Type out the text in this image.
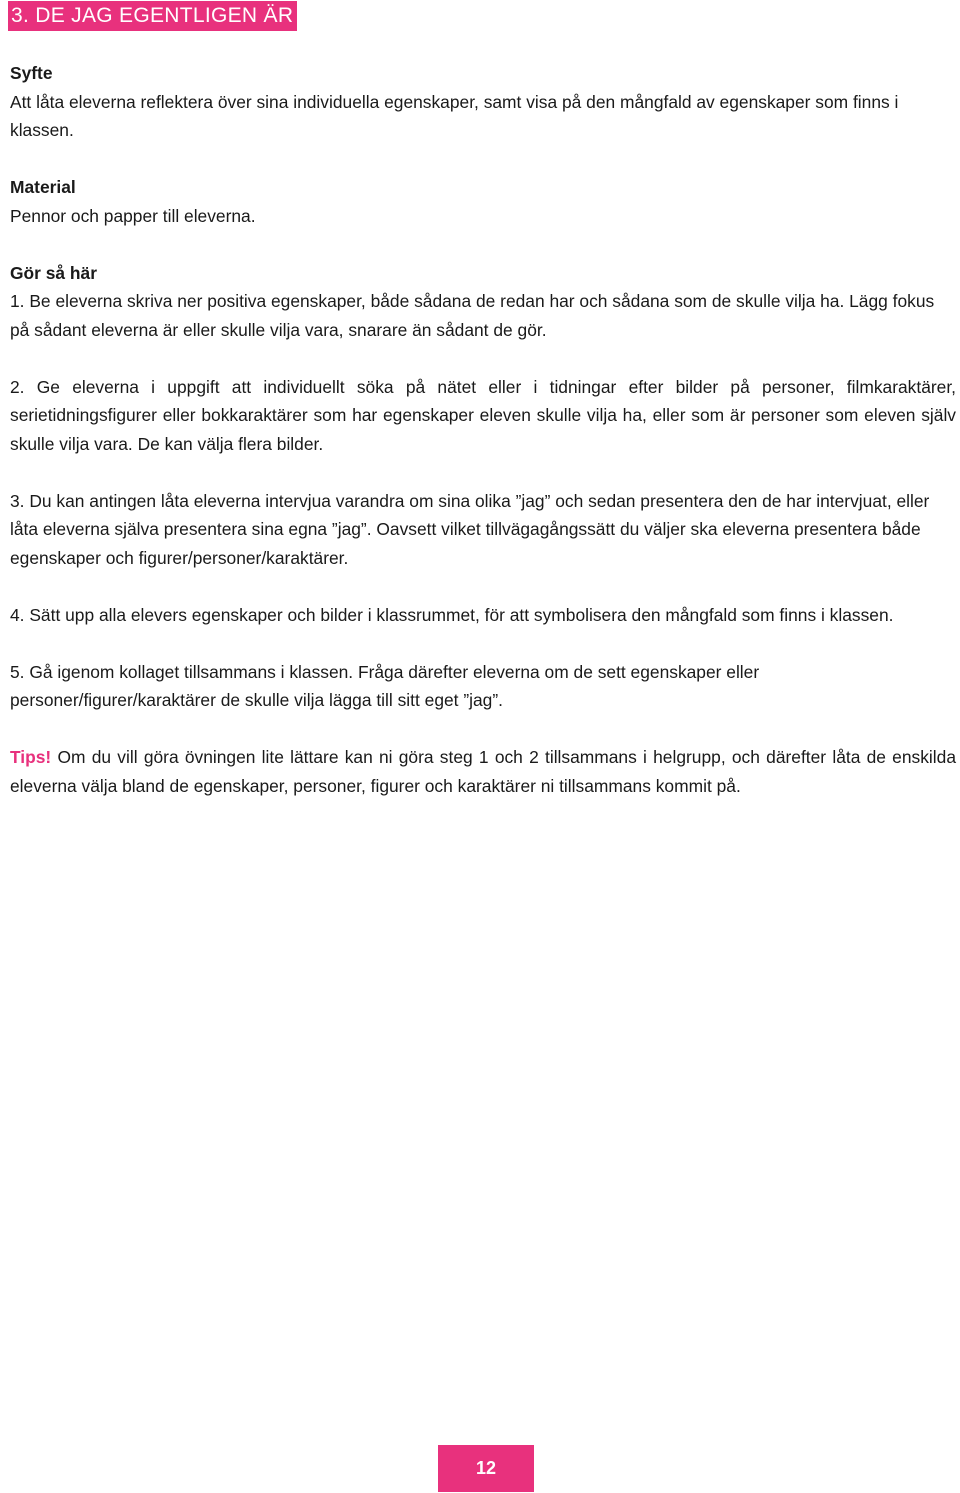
3. DE JAG EGENTLIGEN ÄR
Syfte

Att låta eleverna reflektera över sina individuella egenskaper, samt visa på den mångfald av egenskaper som finns i klassen.

Material

Pennor och papper till eleverna.

Gör så här

1. Be eleverna skriva ner positiva egenskaper, både sådana de redan har och sådana som de skulle vilja ha. Lägg fokus på sådant eleverna är eller skulle vilja vara, snarare än sådant de gör.

2. Ge eleverna i uppgift att individuellt söka på nätet eller i tidningar efter bilder på personer, filmkaraktärer, serietidningsfigurer eller bokkaraktärer som har egenskaper eleven skulle vilja ha, eller som är personer som eleven själv skulle vilja vara. De kan välja flera bilder.

3. Du kan antingen låta eleverna intervjua varandra om sina olika ”jag” och sedan presentera den de har intervjuat, eller låta eleverna själva presentera sina egna ”jag”. Oavsett vilket tillvägagångssätt du väljer ska eleverna presentera både egenskaper och figurer/personer/karaktärer.

4. Sätt upp alla elevers egenskaper och bilder i klassrummet, för att symbolisera den mångfald som finns i klassen.

5. Gå igenom kollaget tillsammans i klassen. Fråga därefter eleverna om de sett egenskaper eller personer/figurer/karaktärer de skulle vilja lägga till sitt eget ”jag”.

Tips! Om du vill göra övningen lite lättare kan ni göra steg 1 och 2 tillsammans i helgrupp, och därefter låta de enskilda eleverna välja bland de egenskaper, personer, figurer och karaktärer ni tillsammans kommit på.

12
